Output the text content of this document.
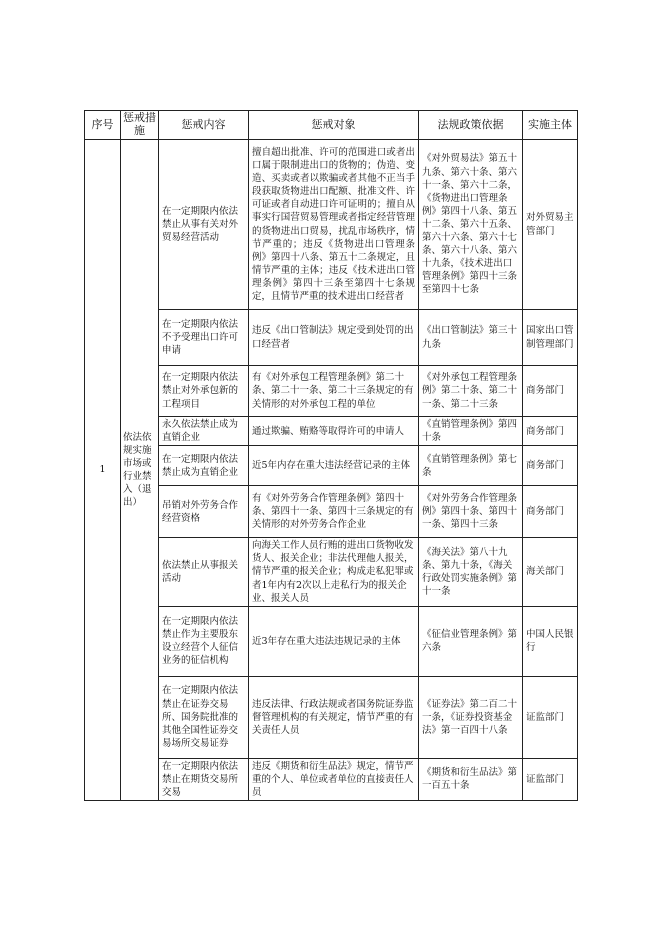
序号	惩戒措施	惩戒内容	惩戒对象	法规政策依据	实施主体
1	依法依规实施市场或行业禁入（退出）	在一定期限内依法禁止从事有关对外贸易经营活动	擅自超出批准、许可的范围进口或者出口属于限制进出口的货物的；伪造、变造、买卖或者以欺骗或者其他不正当手段获取货物进出口配额、批准文件、许可证或者自动进口许可证明的；擅自从事实行国营贸易管理或者指定经营管理的货物进出口贸易，扰乱市场秩序，情节严重的；违反《货物进出口管理条例》第四十八条、第五十二条规定，且情节严重的主体；违反《技术进出口管理条例》第四十三条至第四十七条规定，且情节严重的技术进出口经营者	《对外贸易法》第五十九条、第六十条、第六十一条、第六十二条，《货物进出口管理条例》第四十八条、第五十二条、第六十五条、第六十六条、第六十七条、第六十八条、第六十九条，《技术进出口管理条例》第四十三条至第四十七条	对外贸易主管部门
		在一定期限内依法不予受理出口许可申请	违反《出口管制法》规定受到处罚的出口经营者	《出口管制法》第三十九条	国家出口管制管理部门
		在一定期限内依法禁止对外承包新的工程项目	有《对外承包工程管理条例》第二十条、第二十一条、第二十三条规定的有关情形的对外承包工程的单位	《对外承包工程管理条例》第二十条、第二十一条、第二十三条	商务部门
		永久依法禁止成为直销企业	通过欺骗、贿赂等取得许可的申请人	《直销管理条例》第四十条	商务部门
		在一定期限内依法禁止成为直销企业	近5年内存在重大违法经营记录的主体	《直销管理条例》第七条	商务部门
		吊销对外劳务合作经营资格	有《对外劳务合作管理条例》第四十条、第四十一条、第四十三条规定的有关情形的对外劳务合作企业	《对外劳务合作管理条例》第四十条、第四十一条、第四十三条	商务部门
		依法禁止从事报关活动	向海关工作人员行贿的进出口货物收发货人、报关企业；非法代理他人报关，情节严重的报关企业；构成走私犯罪或者1年内有2次以上走私行为的报关企业、报关人员	《海关法》第八十九条、第九十条，《海关行政处罚实施条例》第十一条	海关部门
		在一定期限内依法禁止作为主要股东设立经营个人征信业务的征信机构	近3年存在重大违法违规记录的主体	《征信业管理条例》第六条	中国人民银行
		在一定期限内依法禁止在证券交易所、国务院批准的其他全国性证券交易场所交易证券	违反法律、行政法规或者国务院证券监督管理机构的有关规定，情节严重的有关责任人员	《证券法》第二百二十一条，《证券投资基金法》第一百四十八条	证监部门
		在一定期限内依法禁止在期货交易所交易	违反《期货和衍生品法》规定，情节严重的个人、单位或者单位的直接责任人员	《期货和衍生品法》第一百五十条	证监部门
